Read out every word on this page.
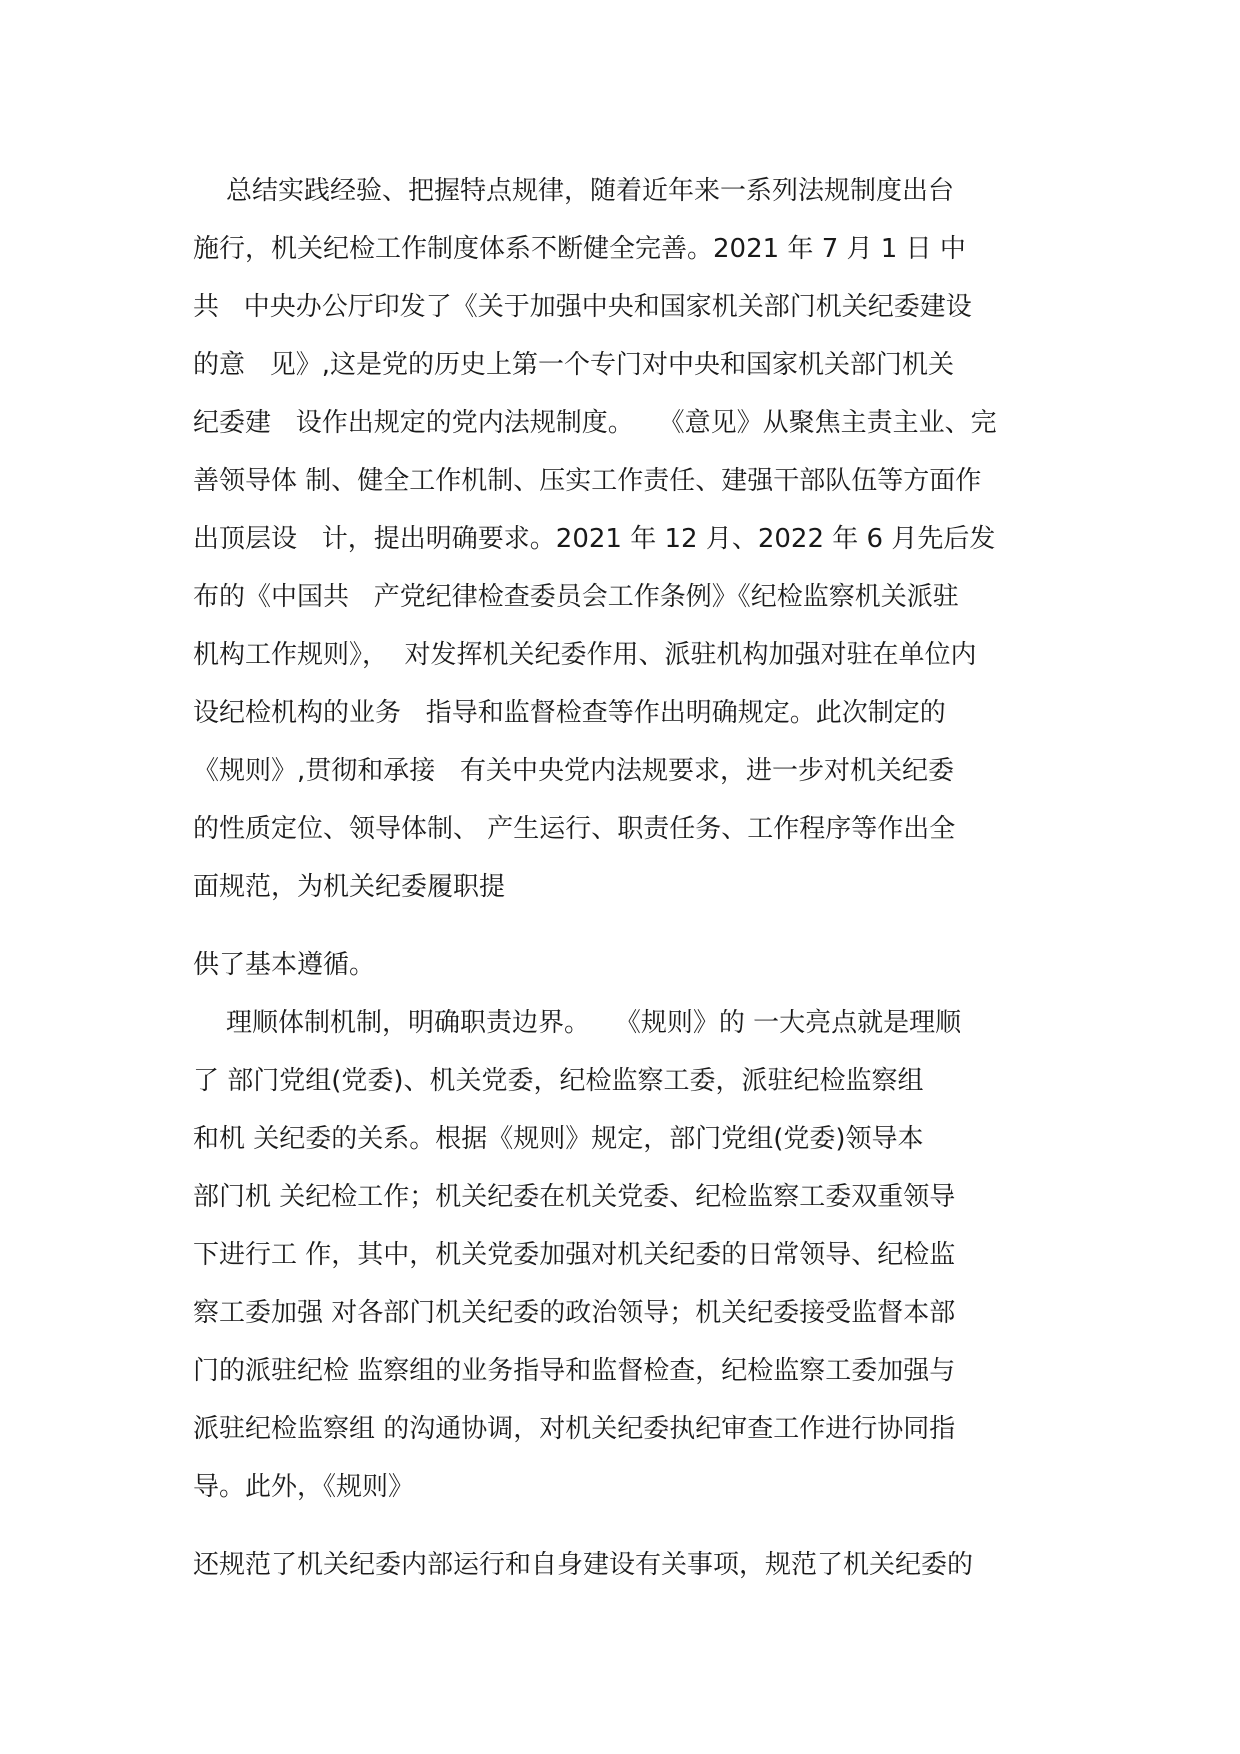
总结实践经验、把握特点规律，随着近年来一系列法规制度出台
施行，机关纪检工作制度体系不断健全完善。2021 年 7 月 1 日 中
共   中央办公厅印发了《关于加强中央和国家机关部门机关纪委建设
的意   见》,这是党的历史上第一个专门对中央和国家机关部门机关
纪委建   设作出规定的党内法规制度。   《意见》从聚焦主责主业、完
善领导体 制、健全工作机制、压实工作责任、建强干部队伍等方面作
出顶层设   计，提出明确要求。2021 年 12 月、2022 年 6 月先后发
布的《中国共   产党纪律检查委员会工作条例》《纪检监察机关派驻
机构工作规则》，  对发挥机关纪委作用、派驻机构加强对驻在单位内
设纪检机构的业务   指导和监督检查等作出明确规定。此次制定的
《规则》,贯彻和承接   有关中央党内法规要求，进一步对机关纪委
的性质定位、领导体制、 产生运行、职责任务、工作程序等作出全
面规范，为机关纪委履职提
供了基本遵循。
理顺体制机制，明确职责边界。   《规则》的 一大亮点就是理顺
了 部门党组(党委)、机关党委，纪检监察工委，派驻纪检监察组
和机 关纪委的关系。根据《规则》规定，部门党组(党委)领导本
部门机 关纪检工作；机关纪委在机关党委、纪检监察工委双重领导
下进行工 作，其中，机关党委加强对机关纪委的日常领导、纪检监
察工委加强 对各部门机关纪委的政治领导；机关纪委接受监督本部
门的派驻纪检 监察组的业务指导和监督检查，纪检监察工委加强与
派驻纪检监察组 的沟通协调，对机关纪委执纪审查工作进行协同指
导。此外，《规则》
还规范了机关纪委内部运行和自身建设有关事项，规范了机关纪委的
